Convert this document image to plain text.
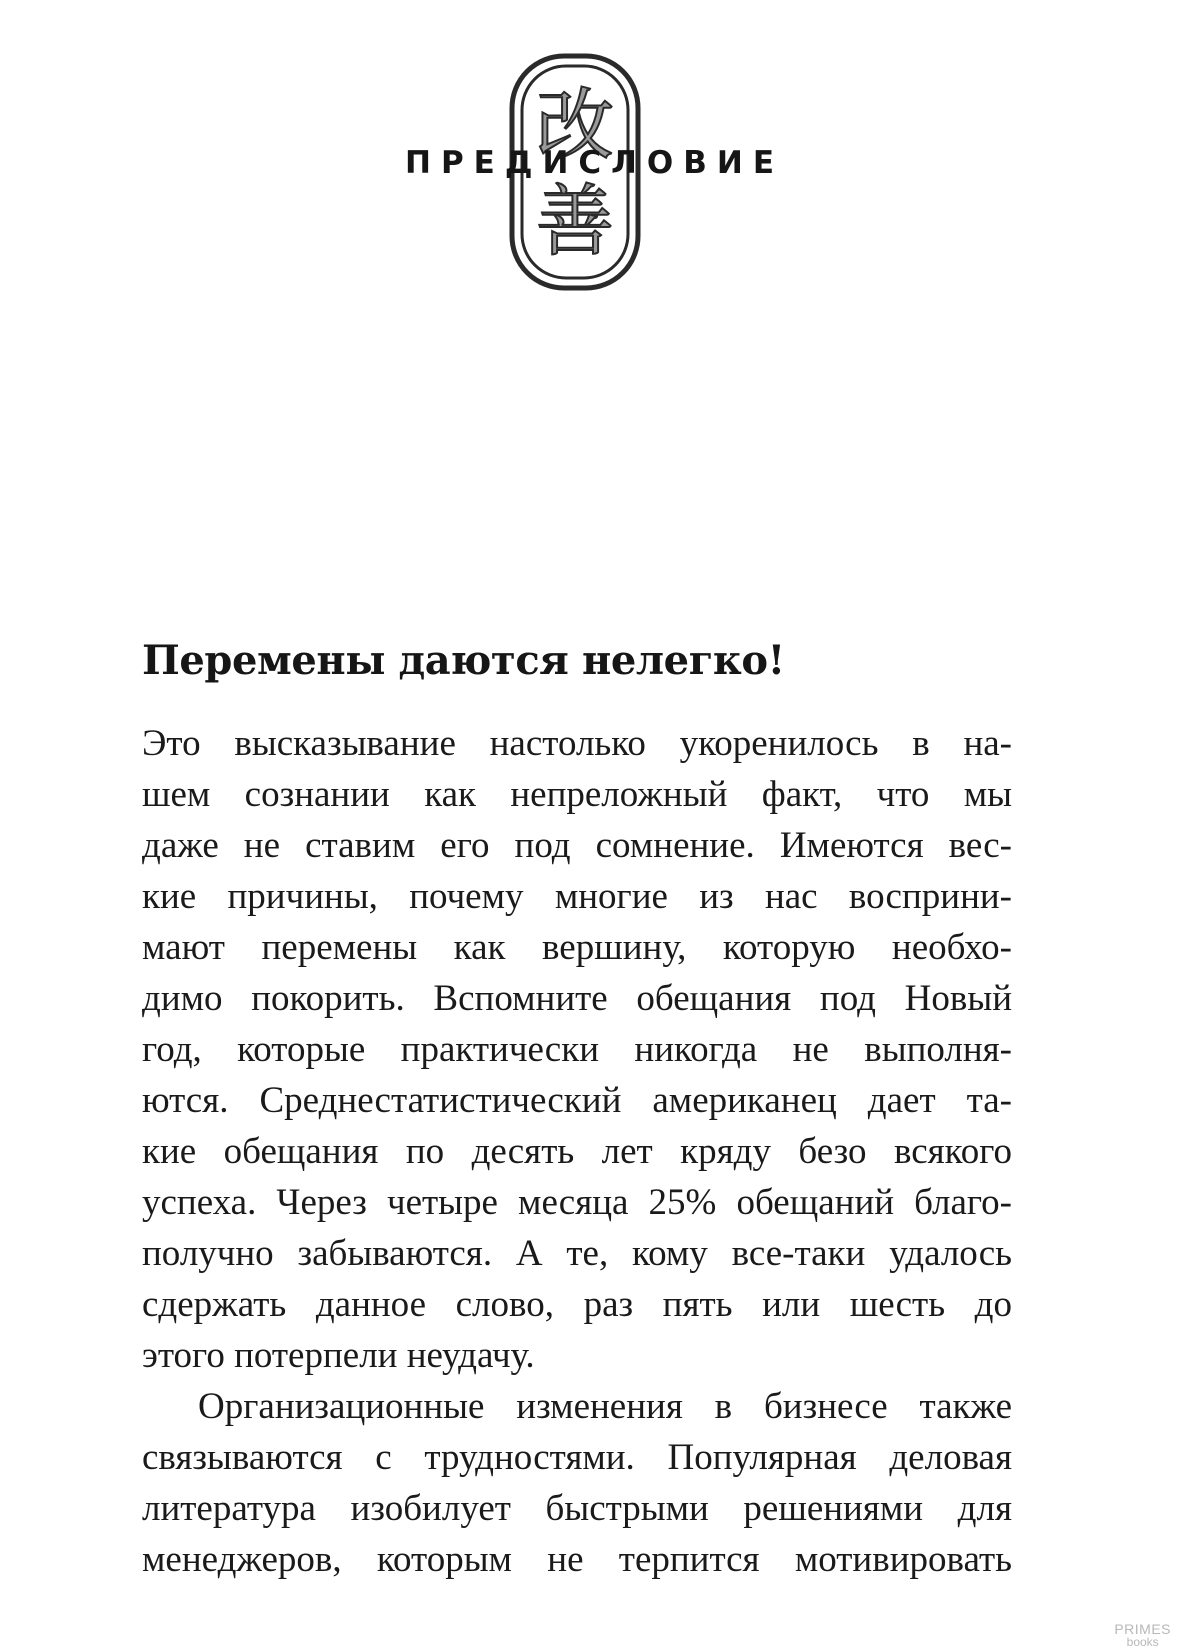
改
善
ПРЕДИСЛОВИЕ
Перемены даются нелегко!
Это высказывание настолько укоренилось в на-
шем сознании как непреложный факт, что мы
даже не ставим его под сомнение. Имеются вес-
кие причины, почему многие из нас восприни-
мают перемены как вершину, которую необхо-
димо покорить. Вспомните обещания под Новый
год, которые практически никогда не выполня-
ются. Среднестатистический американец дает та-
кие обещания по десять лет кряду безо всякого
успеха. Через четыре месяца 25% обещаний благо-
получно забываются. А те, кому все-таки удалось
сдержать данное слово, раз пять или шесть до
этого потерпели неудачу.
Организационные изменения в бизнесе также
связываются с трудностями. Популярная деловая
литература изобилует быстрыми решениями для
менеджеров, которым не терпится мотивировать
PRIMES
books
